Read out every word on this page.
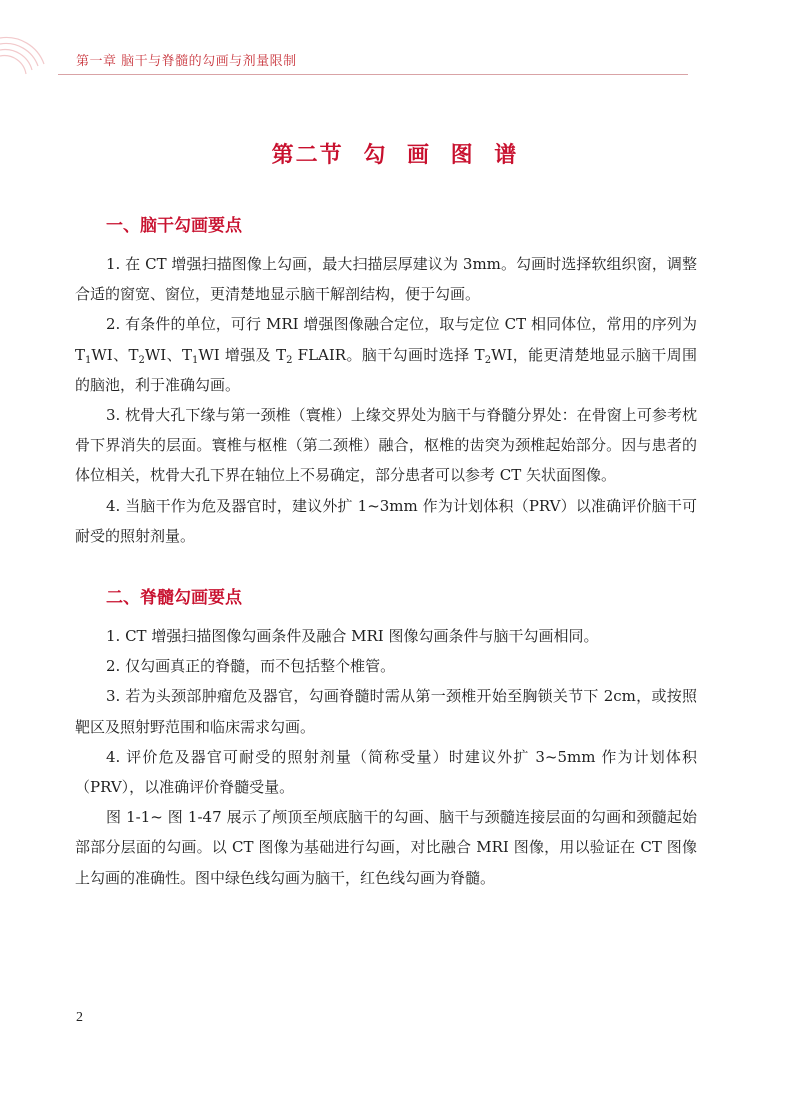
第一章 脑干与脊髓的勾画与剂量限制
第二节 勾 画 图 谱
一、脑干勾画要点

1. 在 CT 增强扫描图像上勾画，最大扫描层厚建议为 3mm。勾画时选择软组织窗，调整合适的窗宽、窗位，更清楚地显示脑干解剖结构，便于勾画。

2. 有条件的单位，可行 MRI 增强图像融合定位，取与定位 CT 相同体位，常用的序列为 $T_1WI$、$T_2WI$、$T_1WI$ 增强及 $T_2$ FLAIR。脑干勾画时选择 $T_2WI$，能更清楚地显示脑干周围的脑池，利于准确勾画。

3. 枕骨大孔下缘与第一颈椎（寰椎）上缘交界处为脑干与脊髓分界处：在骨窗上可参考枕骨下界消失的层面。寰椎与枢椎（第二颈椎）融合，枢椎的齿突为颈椎起始部分。因与患者的体位相关，枕骨大孔下界在轴位上不易确定，部分患者可以参考 CT 矢状面图像。

4. 当脑干作为危及器官时，建议外扩 1~3mm 作为计划体积（PRV）以准确评价脑干可耐受的照射剂量。

二、脊髓勾画要点

1. CT 增强扫描图像勾画条件及融合 MRI 图像勾画条件与脑干勾画相同。

2. 仅勾画真正的脊髓，而不包括整个椎管。

3. 若为头颈部肿瘤危及器官，勾画脊髓时需从第一颈椎开始至胸锁关节下 2cm，或按照靶区及照射野范围和临床需求勾画。

4. 评价危及器官可耐受的照射剂量（简称受量）时建议外扩 3~5mm 作为计划体积（PRV），以准确评价脊髓受量。

图 1-1~ 图 1-47 展示了颅顶至颅底脑干的勾画、脑干与颈髓连接层面的勾画和颈髓起始部部分层面的勾画。以 CT 图像为基础进行勾画，对比融合 MRI 图像，用以验证在 CT 图像上勾画的准确性。图中绿色线勾画为脑干，红色线勾画为脊髓。

2
